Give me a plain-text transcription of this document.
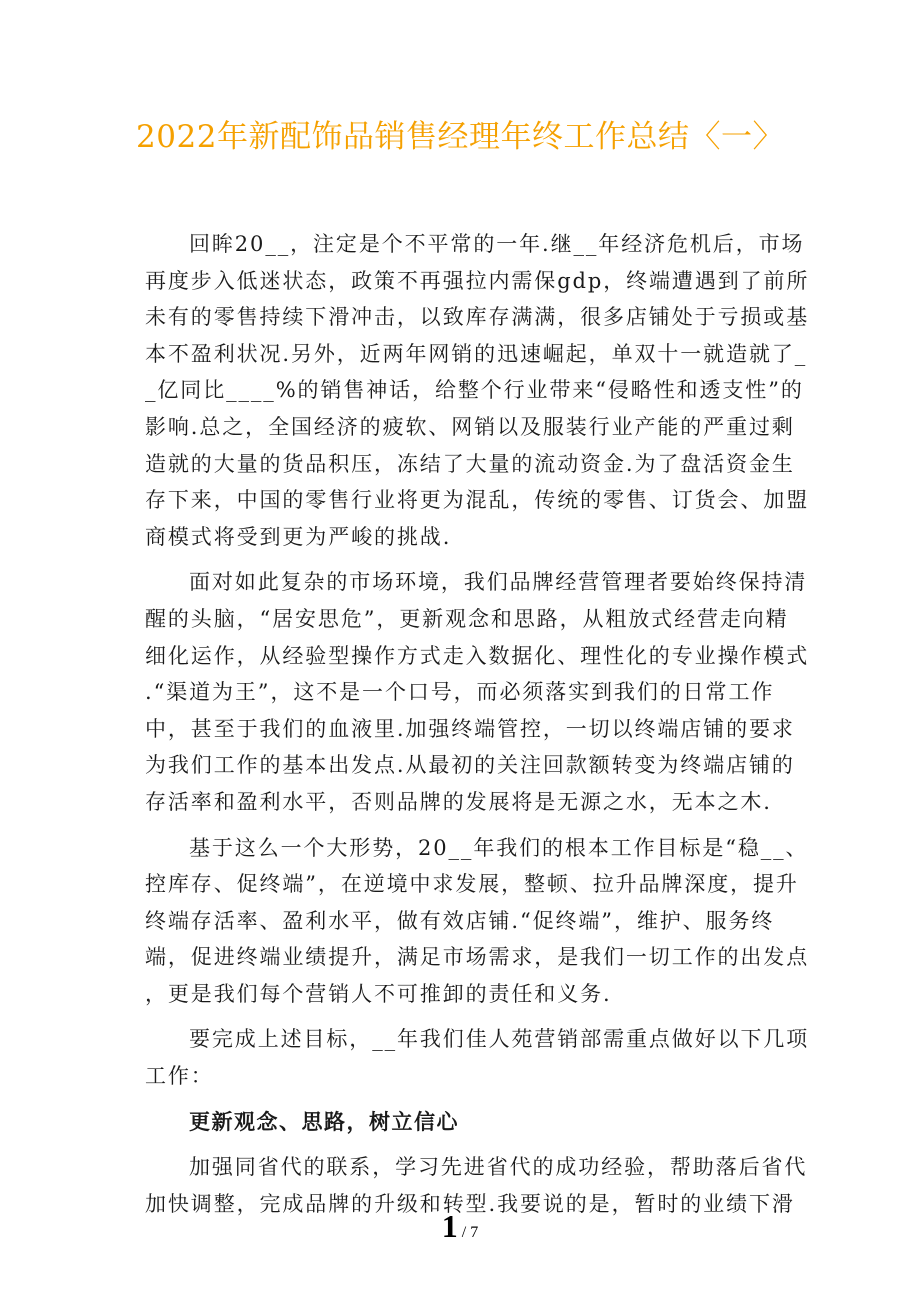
2022年新配饰品销售经理年终工作总结〈一〉
回眸20__，注定是个不平常的一年.继__年经济危机后，市场
再度步入低迷状态，政策不再强拉内需保gdp，终端遭遇到了前所
未有的零售持续下滑冲击，以致库存满满，很多店铺处于亏损或基
本不盈利状况.另外，近两年网销的迅速崛起，单双十一就造就了_
_亿同比____%的销售神话，给整个行业带来“侵略性和透支性”的
影响.总之，全国经济的疲软、网销以及服装行业产能的严重过剩
造就的大量的货品积压，冻结了大量的流动资金.为了盘活资金生
存下来，中国的零售行业将更为混乱，传统的零售、订货会、加盟
商模式将受到更为严峻的挑战.
面对如此复杂的市场环境，我们品牌经营管理者要始终保持清
醒的头脑，“居安思危”，更新观念和思路，从粗放式经营走向精
细化运作，从经验型操作方式走入数据化、理性化的专业操作模式
.“渠道为王”，这不是一个口号，而必须落实到我们的日常工作
中，甚至于我们的血液里.加强终端管控，一切以终端店铺的要求
为我们工作的基本出发点.从最初的关注回款额转变为终端店铺的
存活率和盈利水平，否则品牌的发展将是无源之水，无本之木.
基于这么一个大形势，20__年我们的根本工作目标是“稳__、
控库存、促终端”，在逆境中求发展，整顿、拉升品牌深度，提升
终端存活率、盈利水平，做有效店铺.“促终端”，维护、服务终
端，促进终端业绩提升，满足市场需求，是我们一切工作的出发点
，更是我们每个营销人不可推卸的责任和义务.
要完成上述目标，__年我们佳人苑营销部需重点做好以下几项
工作：
更新观念、思路，树立信心
加强同省代的联系，学习先进省代的成功经验，帮助落后省代
加快调整，完成品牌的升级和转型.我要说的是，暂时的业绩下滑
1 / 7
